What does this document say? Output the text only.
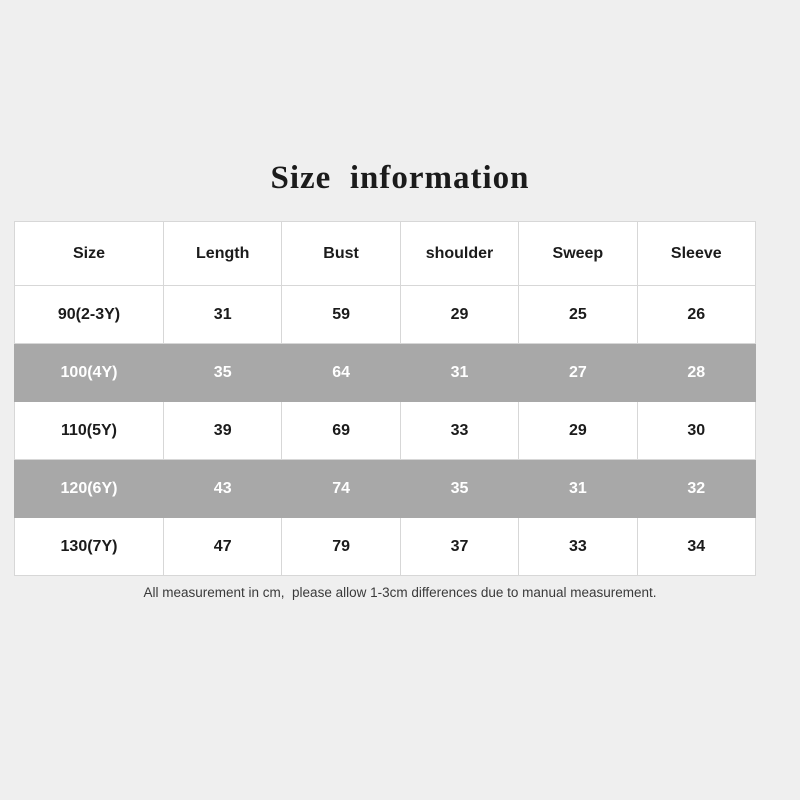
Size  information
Size	Length	Bust	shoulder	Sweep	Sleeve
90(2-3Y)	31	59	29	25	26
100(4Y)	35	64	31	27	28
110(5Y)	39	69	33	29	30
120(6Y)	43	74	35	31	32
130(7Y)	47	79	37	33	34
All measurement in cm,  please allow 1-3cm differences due to manual measurement.
